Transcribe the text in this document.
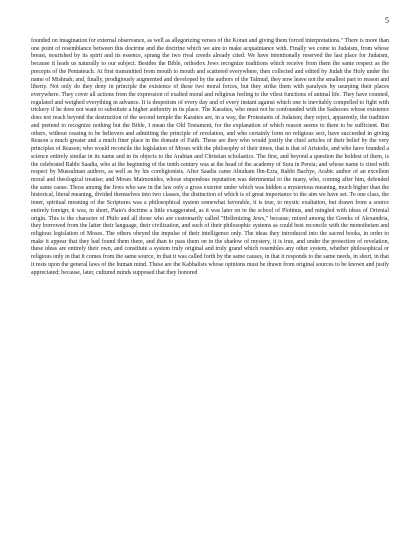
5

founded on imagination for external observance, as well as allegorizing verses of the Koran and giving them forced interpretations." There is more than one point of resemblance between this doctrine and the doctrine which we aim to make acquaintance with. Finally we come to Judaism, from whose breast, nourished by its spirit and its essence, sprang the two rival creeds already cited. We have intentionally reserved the last place for Judaism, because it leads us naturally to our subject. Besides the Bible, orthodox Jews recognize traditions which receive from them the same respect as the precepts of the Pentateuch. At first transmitted from mouth to mouth and scattered everywhere, then collected and edited by Judah the Holy under the name of Mishnah; and, finally, prodigiously augmented and developed by the authors of the Talmud, they now leave not the smallest part to reason and liberty. Not only do they deny in principle the existence of these two moral forces, but they strike them with paralysis by usurping their places everywhere. They cover all actions from the expression of exalted moral and religious feeling to the vilest functions of animal life. They have counted, regulated and weighed everything in advance. It is despotism of every day and of every instant against which one is inevitably compelled to fight with trickery if he does not want to substitute a higher authority in its place. The Karaites, who must not be confounded with the Saducees whose existence does not reach beyond the destruction of the second temple the Karaites are, in a way, the Protestants of Judaism; they reject, apparently, the tradition and pretend to recognize nothing but the Bible, I mean the Old Testament, for the explanation of which reason seems to them to be sufficient. But others, without ceasing to be believers and admitting the principle of revelation, and who certainly form no religious sect, have succeeded in giving Reason a much greater and a much finer place in the domain of Faith. These are they who would justify the chief articles of their belief by the very principles of Reason; who would reconcile the legislation of Moses with the philosophy of their times, that is that of Aristotle, and who have founded a science entirely similar in its name and in its objects to the Arabian and Christian scholastics. The first, and beyond a question the boldest of them, is the celebrated Rabbi Saadia, who at the beginning of the tenth century was at the head of the academy of Sura in Persia; and whose name is cited with respect by Mussulman authors, as well as by his coreligionists. After Saadia came Abraham Ibn-Ezra, Rabbi Bachye, Arabic author of an excellent moral and theological treatise; and Moses Maimonides, whose stupendous reputation was detrimental to the many, who, coming after him, defended the same cause. Those among the Jews who saw in the law only a gross exterior under which was hidden a mysterious meaning, much higher than the historical, literal meaning, divided themselves into two classes, the distinction of which is of great importance to the aim we have set. To one class, the inner, spiritual meaning of the Scriptures was a philosophical system somewhat favorable, it is true, to mystic exaltation, but drawn from a source entirely foreign; it was, in short, Plato's doctrine a little exaggerated, as it was later on in the school of Plotinus, and mingled with ideas of Oriental origin. This is the character of Philo and all those who are customarily called "Hellenizing Jews," because, mixed among the Greeks of Alexandria, they borrowed from the latter their language, their civilization, and such of their philosophic systems as could best reconcile with the monotheism and religious legislation of Moses. The others obeyed the impulse of their intelligence only. The ideas they introduced into the sacred books, in order to make it appear that they had found them there, and than to pass them on in the shadow of mystery, it is true, and under the protection of revelation, these ideas are entirely their own, and constitute a system truly original and truly grand which resembles any other system, whether philosophical or religious only in that it comes from the same source, in that it was called forth by the same causes, in that it responds to the same needs, in short, in that it rests upon the general laws of the human mind. These are the Kabbalists whose opinions must be drawn from original sources to be known and justly appreciated; because, later, cultured minds supposed that they honored
